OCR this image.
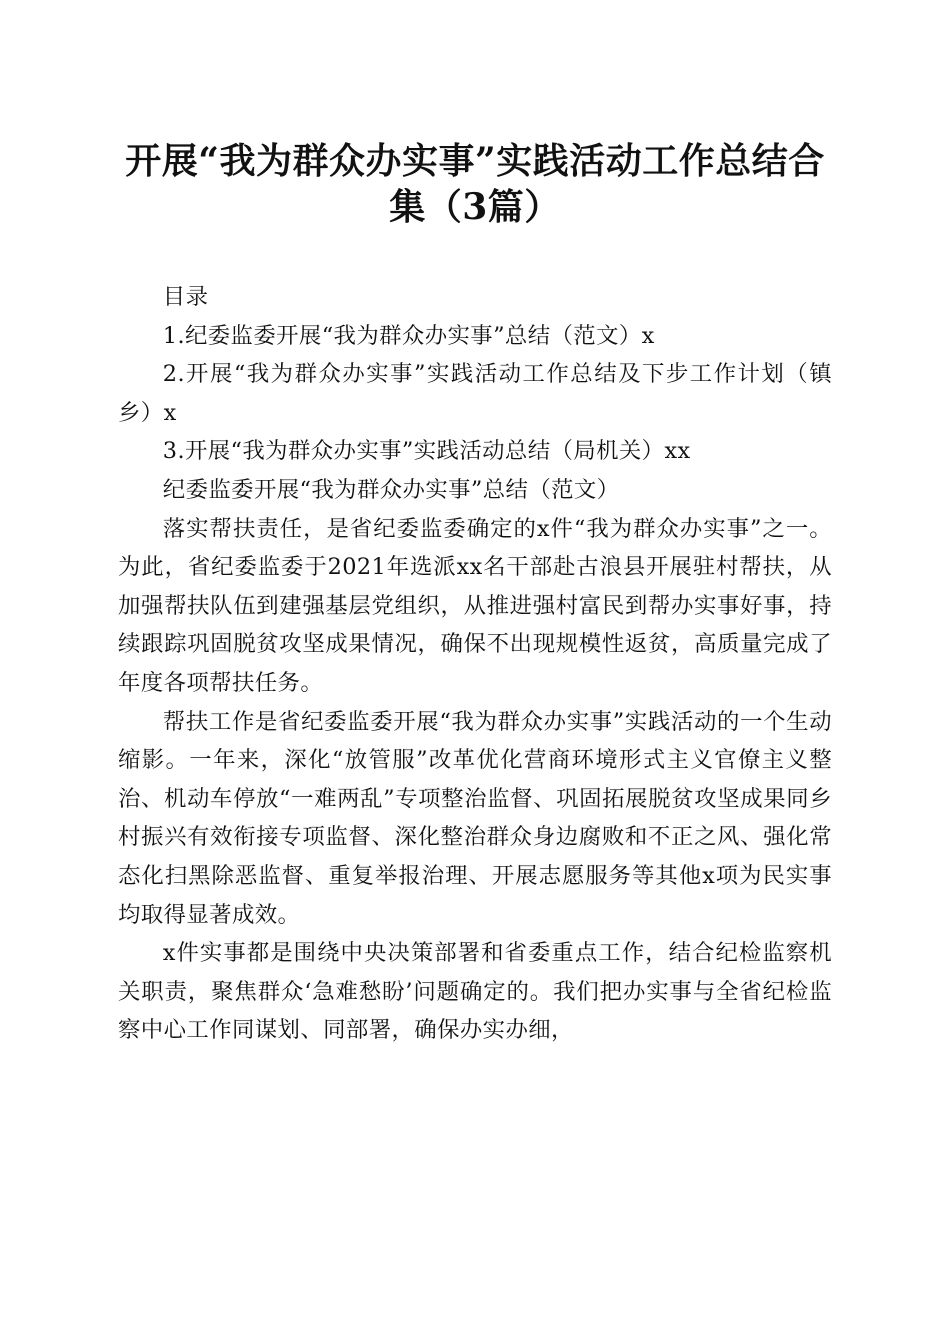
开展“我为群众办实事”实践活动工作总结合
集（3篇）

目录

1.纪委监委开展“我为群众办实事”总结（范文）x

2.开展“我为群众办实事”实践活动工作总结及下步工作计划（镇乡）x

3.开展“我为群众办实事”实践活动总结（局机关）xx

纪委监委开展“我为群众办实事”总结（范文）

落实帮扶责任，是省纪委监委确定的x件“我为群众办实事”之一。为此，省纪委监委于2021年选派xx名干部赴古浪县开展驻村帮扶，从加强帮扶队伍到建强基层党组织，从推进强村富民到帮办实事好事，持续跟踪巩固脱贫攻坚成果情况，确保不出现规模性返贫，高质量完成了年度各项帮扶任务。

帮扶工作是省纪委监委开展“我为群众办实事”实践活动的一个生动缩影。一年来，深化“放管服”改革优化营商环境形式主义官僚主义整治、机动车停放“一难两乱”专项整治监督、巩固拓展脱贫攻坚成果同乡村振兴有效衔接专项监督、深化整治群众身边腐败和不正之风、强化常态化扫黑除恶监督、重复举报治理、开展志愿服务等其他x项为民实事均取得显著成效。

x件实事都是围绕中央决策部署和省委重点工作，结合纪检监察机关职责，聚焦群众‘急难愁盼’问题确定的。我们把办实事与全省纪检监察中心工作同谋划、同部署，确保办实办细，
